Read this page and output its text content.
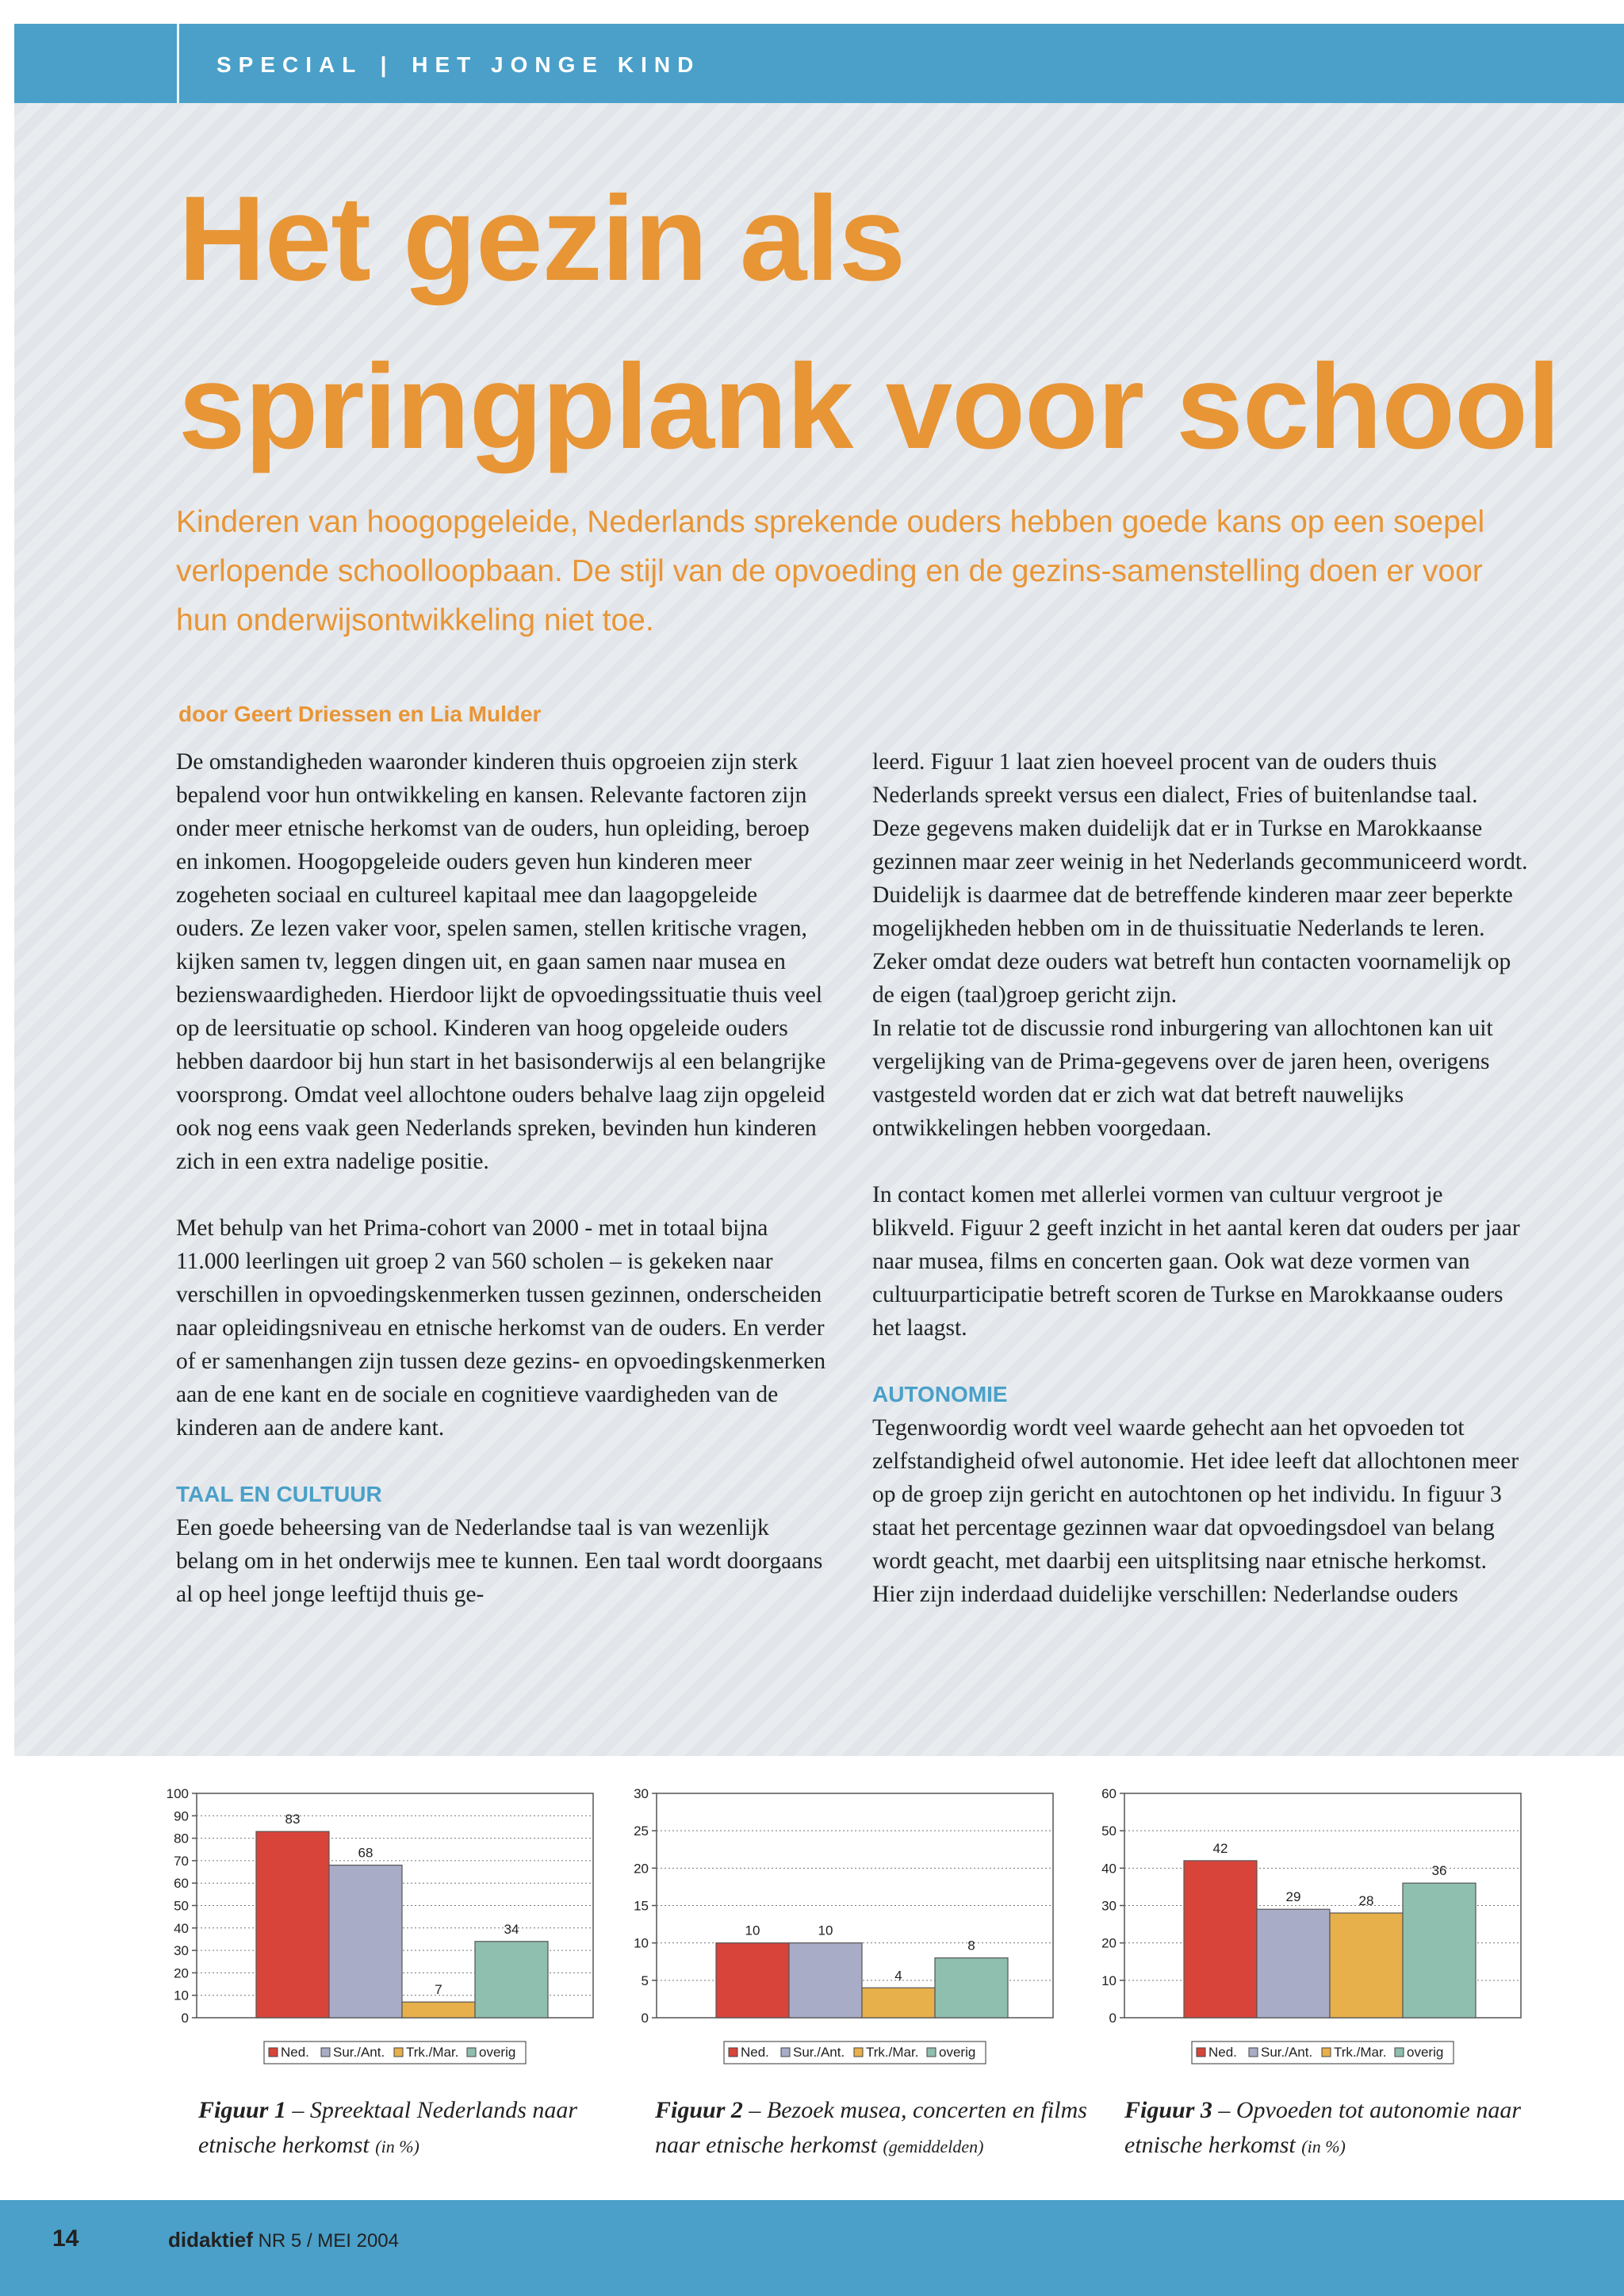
SPECIAL | HET JONGE KIND
Het gezin als
springplank voor school

Kinderen van hoogopgeleide, Nederlands sprekende ouders hebben goede kans op een soepel verlopende schoolloopbaan. De stijl van de opvoeding en de gezins-samenstelling doen er voor hun onderwijsontwikkeling niet toe.

door Geert Driessen en Lia Mulder

De omstandigheden waaronder kinderen thuis opgroeien zijn sterk bepalend voor hun ontwikkeling en kansen. Relevante factoren zijn onder meer etnische herkomst van de ouders, hun opleiding, beroep en inkomen. Hoogopgeleide ouders geven hun kinderen meer zogeheten sociaal en cultureel kapitaal mee dan laagopgeleide ouders. Ze lezen vaker voor, spelen samen, stellen kritische vragen, kijken samen tv, leggen dingen uit, en gaan samen naar musea en bezienswaardigheden. Hierdoor lijkt de opvoedingssituatie thuis veel op de leersituatie op school. Kinderen van hoog opgeleide ouders hebben daardoor bij hun start in het basisonderwijs al een belangrijke voorsprong. Omdat veel allochtone ouders behalve laag zijn opgeleid ook nog eens vaak geen Nederlands spreken, bevinden hun kinderen zich in een extra nadelige positie.

Met behulp van het Prima-cohort van 2000 - met in totaal bijna 11.000 leerlingen uit groep 2 van 560 scholen – is gekeken naar verschillen in opvoedingskenmerken tussen gezinnen, onderscheiden naar opleidingsniveau en etnische herkomst van de ouders. En verder of er samenhangen zijn tussen deze gezins- en opvoedingskenmerken aan de ene kant en de sociale en cognitieve vaardigheden van de kinderen aan de andere kant.

TAAL EN CULTUUR

Een goede beheersing van de Nederlandse taal is van wezenlijk belang om in het onderwijs mee te kunnen. Een taal wordt doorgaans al op heel jonge leeftijd thuis ge-

leerd. Figuur 1 laat zien hoeveel procent van de ouders thuis Nederlands spreekt versus een dialect, Fries of buitenlandse taal. Deze gegevens maken duidelijk dat er in Turkse en Marokkaanse gezinnen maar zeer weinig in het Nederlands gecommuniceerd wordt. Duidelijk is daarmee dat de betreffende kinderen maar zeer beperkte mogelijkheden hebben om in de thuissituatie Nederlands te leren. Zeker omdat deze ouders wat betreft hun contacten voornamelijk op de eigen (taal)groep gericht zijn.

In relatie tot de discussie rond inburgering van allochtonen kan uit vergelijking van de Prima-gegevens over de jaren heen, overigens vastgesteld worden dat er zich wat dat betreft nauwelijks ontwikkelingen hebben voorgedaan.

In contact komen met allerlei vormen van cultuur vergroot je blikveld. Figuur 2 geeft inzicht in het aantal keren dat ouders per jaar naar musea, films en concerten gaan. Ook wat deze vormen van cultuurparticipatie betreft scoren de Turkse en Marokkaanse ouders het laagst.

AUTONOMIE

Tegenwoordig wordt veel waarde gehecht aan het opvoeden tot zelfstandigheid ofwel autonomie. Het idee leeft dat allochtonen meer op de groep zijn gericht en autochtonen op het individu. In figuur 3 staat het percentage gezinnen waar dat opvoedingsdoel van belang wordt geacht, met daarbij een uitsplitsing naar etnische herkomst. Hier zijn inderdaad duidelijke verschillen: Nederlandse ouders

0
10
20
30
40
50
60
70
80
90
100
83
68
7
34
Ned. Sur./Ant. Trk./Mar. overig
0
5
10
15
20
25
30
10	10
4
8
Ned. Sur./Ant. Trk./Mar. overig
0
10
20
30
40
50
60
42
29	28
36
Ned. Sur./Ant. Trk./Mar. overig

Figuur 1 – Spreektaal Nederlands naar etnische herkomst (in %)

Figuur 2 – Bezoek musea, concerten en films naar etnische herkomst (gemiddelden)

Figuur 3 – Opvoeden tot autonomie naar etnische herkomst (in %)

14	didaktief NR 5 / MEI 2004
